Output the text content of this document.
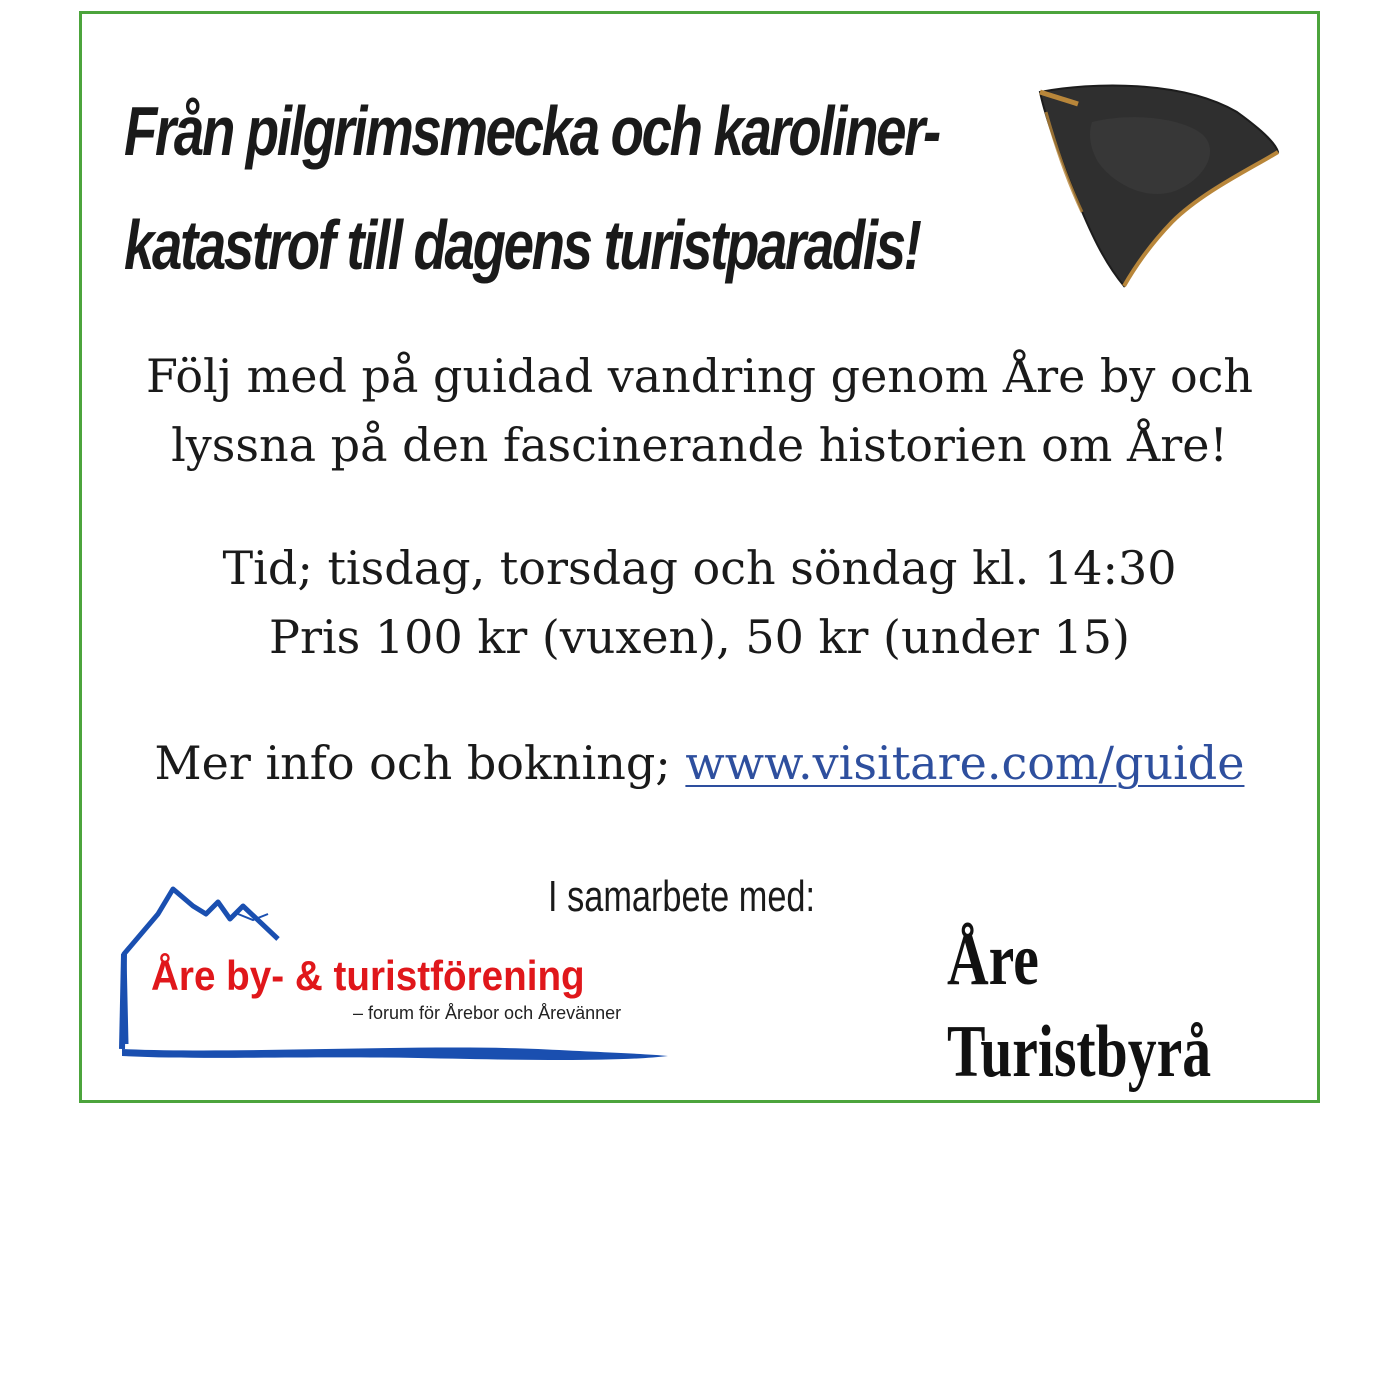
Från pilgrimsmecka och karoliner-
katastrof till dagens turistparadis!

Följ med på guidad vandring genom Åre by och
lyssna på den fascinerande historien om Åre!

Tid; tisdag, torsdag och söndag kl. 14:30
Pris 100 kr (vuxen), 50 kr (under 15)

Mer info och bokning; www.visitare.com/guide

I samarbete med:

Åre by- & turistförening

– forum för Årebor och Årevänner

Åre
Turistbyrå
